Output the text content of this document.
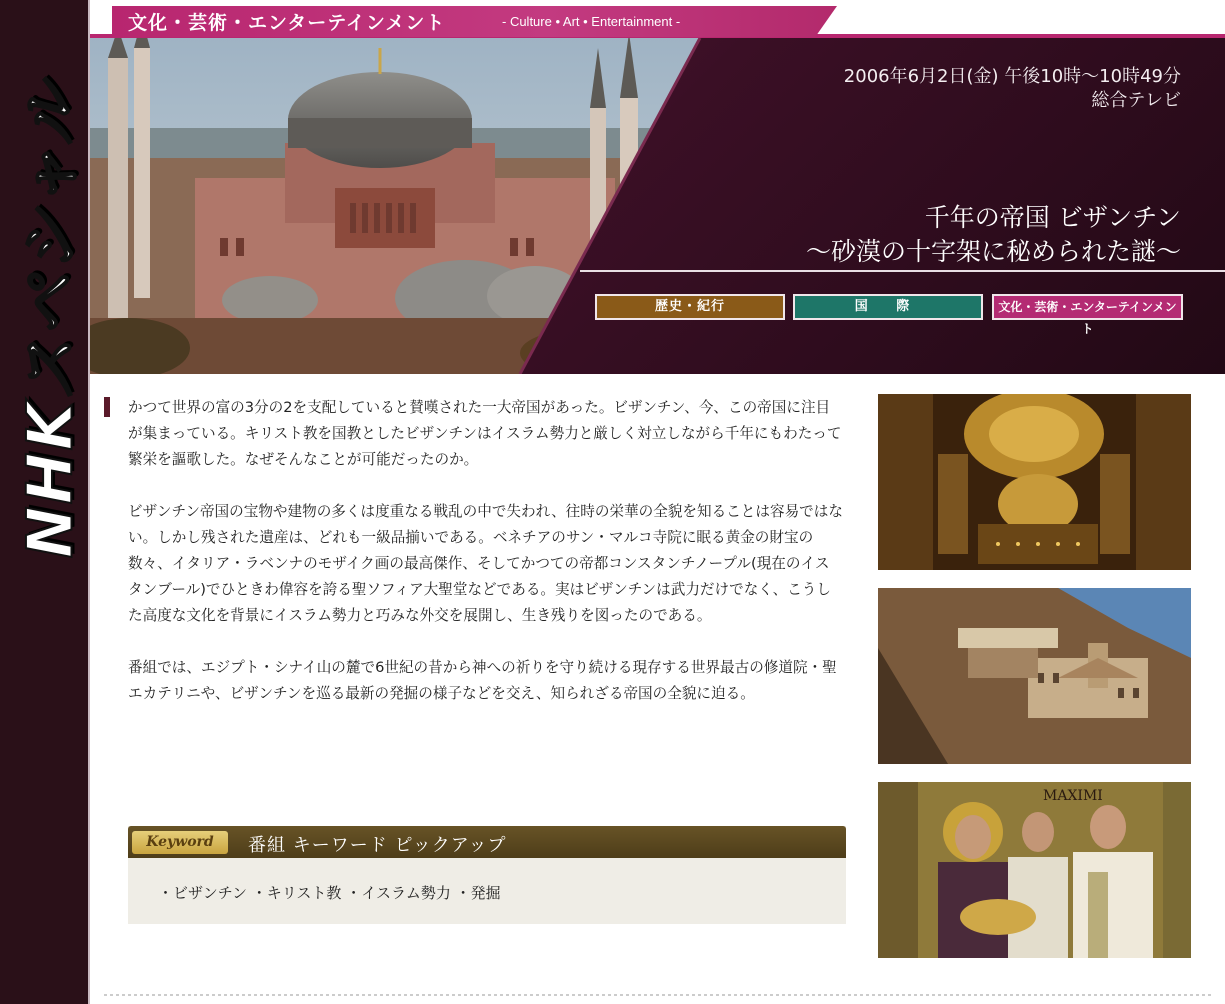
NHKスペシャル
文化・芸術・エンターテインメント	- Culture • Art • Entertainment -
2006年6月2日(金) 午後10時〜10時49分
総合テレビ
千年の帝国 ビザンチン
〜砂漠の十字架に秘められた謎〜
歴史・紀行	国 際	文化・芸術・エンターテインメント

かつて世界の富の3分の2を支配していると賛嘆された一大帝国があった。ビザンチン、今、この帝国に注目が集まっている。キリスト教を国教としたビザンチンはイスラム勢力と厳しく対立しながら千年にもわたって繁栄を謳歌した。なぜそんなことが可能だったのか。

ビザンチン帝国の宝物や建物の多くは度重なる戦乱の中で失われ、往時の栄華の全貌を知ることは容易ではない。しかし残された遺産は、どれも一級品揃いである。ベネチアのサン・マルコ寺院に眠る黄金の財宝の数々、イタリア・ラベンナのモザイク画の最高傑作、そしてかつての帝都コンスタンチノープル(現在のイスタンブール)でひときわ偉容を誇る聖ソフィア大聖堂などである。実はビザンチンは武力だけでなく、こうした高度な文化を背景にイスラム勢力と巧みな外交を展開し、生き残りを図ったのである。

番組では、エジプト・シナイ山の麓で6世紀の昔から神への祈りを守り続ける現存する世界最古の修道院・聖エカテリニや、ビザンチンを巡る最新の発掘の様子などを交え、知られざる帝国の全貌に迫る。

Keyword	番組 キーワード ピックアップ
・ビザンチン ・キリスト教 ・イスラム勢力 ・発掘
MAXIMI
